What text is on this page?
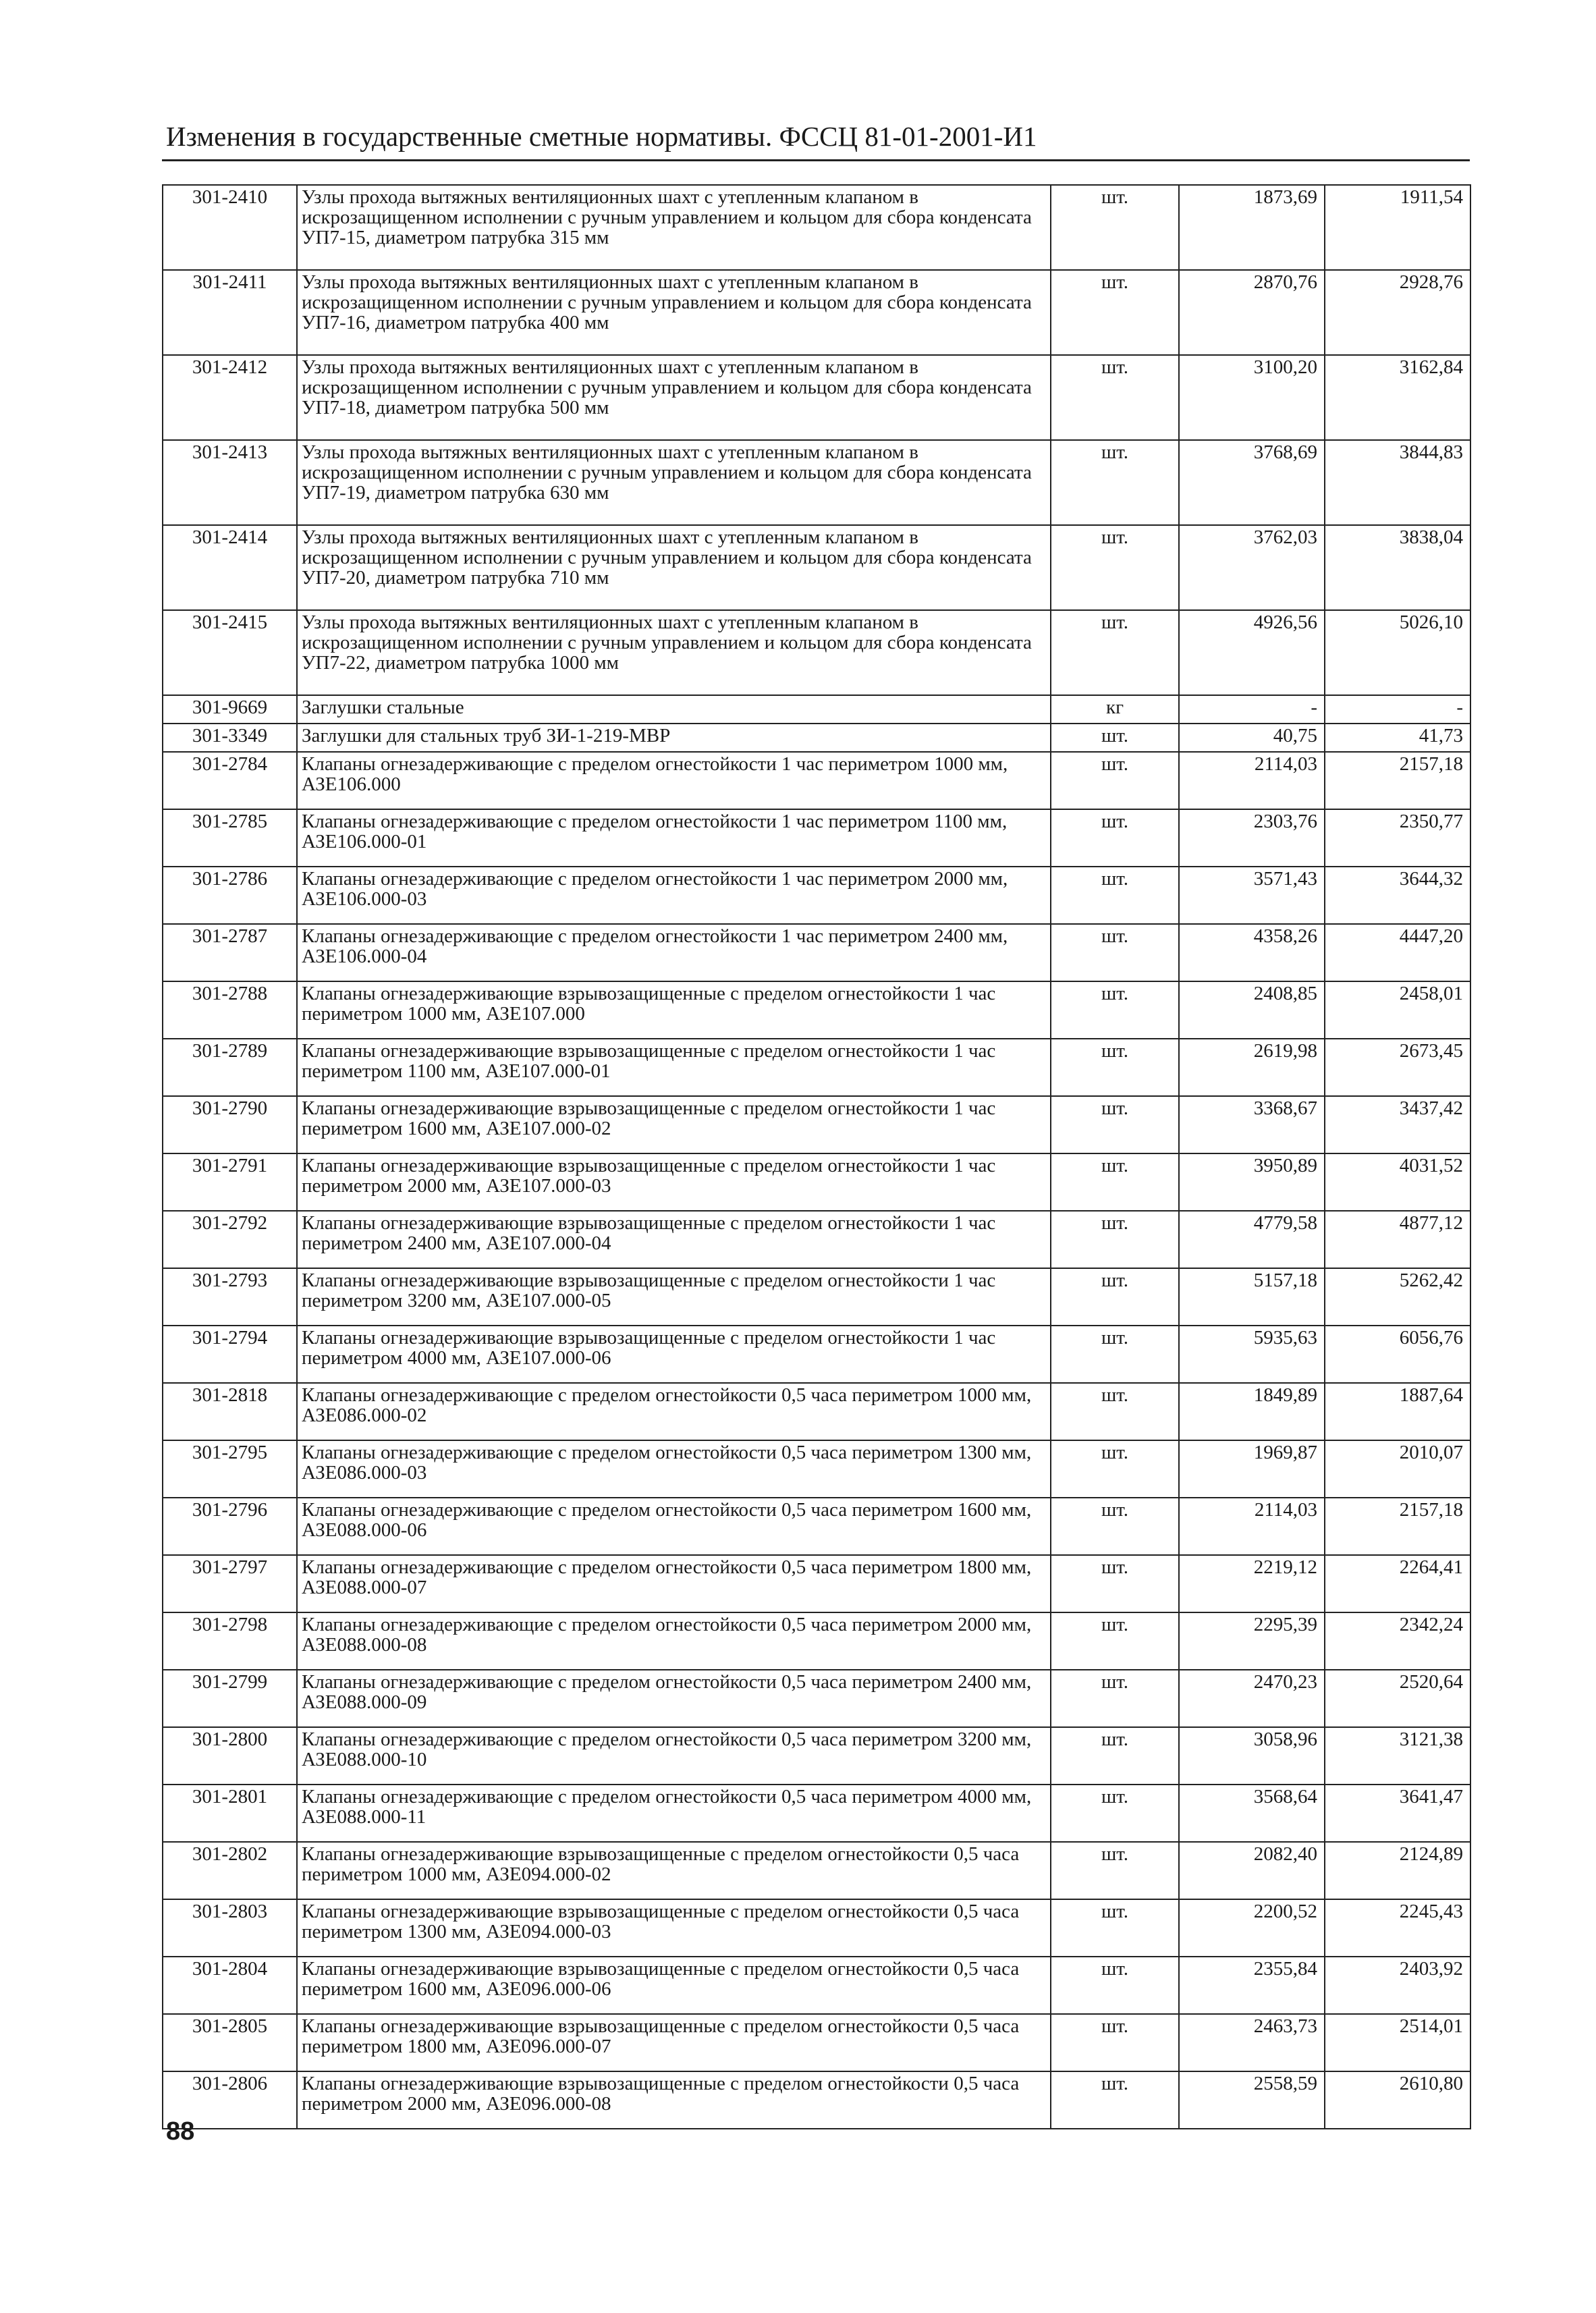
Изменения в государственные сметные нормативы. ФССЦ 81-01-2001-И1
301-2410	Узлы прохода вытяжных вентиляционных шахт с утепленным клапаном в искрозащищенном исполнении с ручным управлением и кольцом для сбора конденсата УП7-15, диаметром патрубка 315 мм	шт.	1873,69	1911,54
301-2411	Узлы прохода вытяжных вентиляционных шахт с утепленным клапаном в искрозащищенном исполнении с ручным управлением и кольцом для сбора конденсата УП7-16, диаметром патрубка 400 мм	шт.	2870,76	2928,76
301-2412	Узлы прохода вытяжных вентиляционных шахт с утепленным клапаном в искрозащищенном исполнении с ручным управлением и кольцом для сбора конденсата УП7-18, диаметром патрубка 500 мм	шт.	3100,20	3162,84
301-2413	Узлы прохода вытяжных вентиляционных шахт с утепленным клапаном в искрозащищенном исполнении с ручным управлением и кольцом для сбора конденсата УП7-19, диаметром патрубка 630 мм	шт.	3768,69	3844,83
301-2414	Узлы прохода вытяжных вентиляционных шахт с утепленным клапаном в искрозащищенном исполнении с ручным управлением и кольцом для сбора конденсата УП7-20, диаметром патрубка 710 мм	шт.	3762,03	3838,04
301-2415	Узлы прохода вытяжных вентиляционных шахт с утепленным клапаном в искрозащищенном исполнении с ручным управлением и кольцом для сбора конденсата УП7-22, диаметром патрубка 1000 мм	шт.	4926,56	5026,10
301-9669	Заглушки стальные	кг	-	-
301-3349	Заглушки для стальных труб ЗИ-1-219-МВР	шт.	40,75	41,73
301-2784	Клапаны огнезадерживающие с пределом огнестойкости 1 час периметром 1000 мм, АЗЕ106.000	шт.	2114,03	2157,18
301-2785	Клапаны огнезадерживающие с пределом огнестойкости 1 час периметром 1100 мм, АЗЕ106.000-01	шт.	2303,76	2350,77
301-2786	Клапаны огнезадерживающие с пределом огнестойкости 1 час периметром 2000 мм, АЗЕ106.000-03	шт.	3571,43	3644,32
301-2787	Клапаны огнезадерживающие с пределом огнестойкости 1 час периметром 2400 мм, АЗЕ106.000-04	шт.	4358,26	4447,20
301-2788	Клапаны огнезадерживающие взрывозащищенные с пределом огнестойкости 1 час периметром 1000 мм, АЗЕ107.000	шт.	2408,85	2458,01
301-2789	Клапаны огнезадерживающие взрывозащищенные с пределом огнестойкости 1 час периметром 1100 мм, АЗЕ107.000-01	шт.	2619,98	2673,45
301-2790	Клапаны огнезадерживающие взрывозащищенные с пределом огнестойкости 1 час периметром 1600 мм, АЗЕ107.000-02	шт.	3368,67	3437,42
301-2791	Клапаны огнезадерживающие взрывозащищенные с пределом огнестойкости 1 час периметром 2000 мм, АЗЕ107.000-03	шт.	3950,89	4031,52
301-2792	Клапаны огнезадерживающие взрывозащищенные с пределом огнестойкости 1 час периметром 2400 мм, АЗЕ107.000-04	шт.	4779,58	4877,12
301-2793	Клапаны огнезадерживающие взрывозащищенные с пределом огнестойкости 1 час периметром 3200 мм, АЗЕ107.000-05	шт.	5157,18	5262,42
301-2794	Клапаны огнезадерживающие взрывозащищенные с пределом огнестойкости 1 час периметром 4000 мм, АЗЕ107.000-06	шт.	5935,63	6056,76
301-2818	Клапаны огнезадерживающие с пределом огнестойкости 0,5 часа периметром 1000 мм, АЗЕ086.000-02	шт.	1849,89	1887,64
301-2795	Клапаны огнезадерживающие с пределом огнестойкости 0,5 часа периметром 1300 мм, АЗЕ086.000-03	шт.	1969,87	2010,07
301-2796	Клапаны огнезадерживающие с пределом огнестойкости 0,5 часа периметром 1600 мм, АЗЕ088.000-06	шт.	2114,03	2157,18
301-2797	Клапаны огнезадерживающие с пределом огнестойкости 0,5 часа периметром 1800 мм, АЗЕ088.000-07	шт.	2219,12	2264,41
301-2798	Клапаны огнезадерживающие с пределом огнестойкости 0,5 часа периметром 2000 мм, АЗЕ088.000-08	шт.	2295,39	2342,24
301-2799	Клапаны огнезадерживающие с пределом огнестойкости 0,5 часа периметром 2400 мм, АЗЕ088.000-09	шт.	2470,23	2520,64
301-2800	Клапаны огнезадерживающие с пределом огнестойкости 0,5 часа периметром 3200 мм, АЗЕ088.000-10	шт.	3058,96	3121,38
301-2801	Клапаны огнезадерживающие с пределом огнестойкости 0,5 часа периметром 4000 мм, АЗЕ088.000-11	шт.	3568,64	3641,47
301-2802	Клапаны огнезадерживающие взрывозащищенные с пределом огнестойкости 0,5 часа периметром 1000 мм, АЗЕ094.000-02	шт.	2082,40	2124,89
301-2803	Клапаны огнезадерживающие взрывозащищенные с пределом огнестойкости 0,5 часа периметром 1300 мм, АЗЕ094.000-03	шт.	2200,52	2245,43
301-2804	Клапаны огнезадерживающие взрывозащищенные с пределом огнестойкости 0,5 часа периметром 1600 мм, АЗЕ096.000-06	шт.	2355,84	2403,92
301-2805	Клапаны огнезадерживающие взрывозащищенные с пределом огнестойкости 0,5 часа периметром 1800 мм, АЗЕ096.000-07	шт.	2463,73	2514,01
301-2806	Клапаны огнезадерживающие взрывозащищенные с пределом огнестойкости 0,5 часа периметром 2000 мм, АЗЕ096.000-08	шт.	2558,59	2610,80
88
